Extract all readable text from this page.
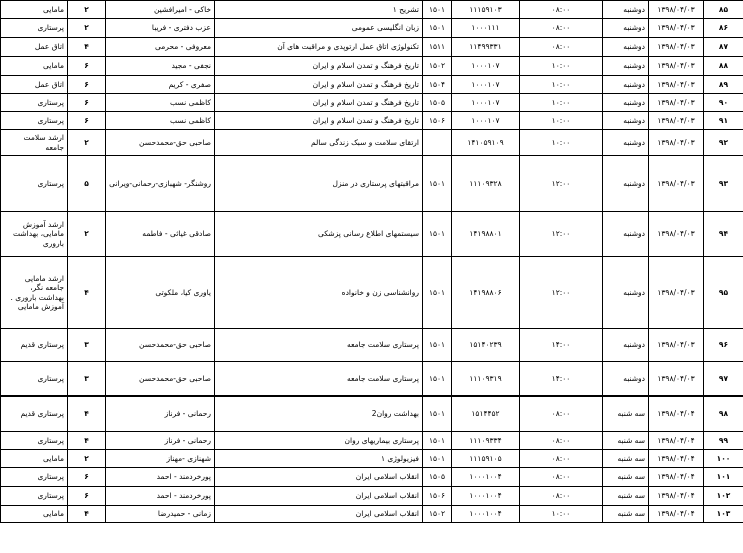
۸۵	۱۳۹۸/۰۴/۰۳	دوشنبه	۰۸:۰۰	۱۱۱۵۹۱۰۳	۱۵۰۱	تشریح ۱	خاکی - امیرافشین	۲	مامایی
۸۶	۱۳۹۸/۰۴/۰۳	دوشنبه	۰۸:۰۰	۱۰۰۰۱۱۱	۱۵۰۱	زبان انگلیسی عمومی	عزب دفتری - فریبا	۲	پرستاری
۸۷	۱۳۹۸/۰۴/۰۳	دوشنبه	۰۸:۰۰	۱۱۴۹۹۳۳۱	۱۵۱۱	تکنولوژی اتاق عمل ارتوپدی و مراقبت های آن	معروفی - محرمی	۴	اتاق عمل
۸۸	۱۳۹۸/۰۴/۰۳	دوشنبه	۱۰:۰۰	۱۰۰۰۱۰۷	۱۵۰۲	تاریخ فرهنگ و تمدن اسلام و ایران	نجفی - مجید	۶	مامایی
۸۹	۱۳۹۸/۰۴/۰۳	دوشنبه	۱۰:۰۰	۱۰۰۰۱۰۷	۱۵۰۴	تاریخ فرهنگ و تمدن اسلام و ایران	صفری - کریم	۶	اتاق عمل
۹۰	۱۳۹۸/۰۴/۰۳	دوشنبه	۱۰:۰۰	۱۰۰۰۱۰۷	۱۵۰۵	تاریخ فرهنگ و تمدن اسلام و ایران	کاظمی نسب	۶	پرستاری
۹۱	۱۳۹۸/۰۴/۰۳	دوشنبه	۱۰:۰۰	۱۰۰۰۱۰۷	۱۵۰۶	تاریخ فرهنگ و تمدن اسلام و ایران	کاظمی نسب	۶	پرستاری
۹۲	۱۳۹۸/۰۴/۰۳	دوشنبه	۱۰:۰۰	۱۴۱۰۵۹۱۰۹		ارتقای سلامت و سبک زندگی سالم	صاحبی حق-محمدحسن	۲	ارشد سلامت جامعه
۹۳	۱۳۹۸/۰۴/۰۳	دوشنبه	۱۲:۰۰	۱۱۱۰۹۳۲۸	۱۵۰۱	مراقبتهای پرستاری در منزل	روشنگر- شهبازی-رحمانی-ویرانی	۵	پرستاری
۹۴	۱۳۹۸/۰۴/۰۳	دوشنبه	۱۲:۰۰	۱۴۱۹۸۸۰۱	۱۵۰۱	سیستمهای اطلاع رسانی پزشکی	صادقی غیاثی - فاطمه	۲	ارشد آموزش مامایی، بهداشت باروری
۹۵	۱۳۹۸/۰۴/۰۳	دوشنبه	۱۲:۰۰	۱۴۱۹۸۸۰۶	۱۵۰۱	روانشناسی زن و خانواده	یاوری کیا، ملکوتی	۴	ارشد مامایی جامعه نگر، بهداشت باروری . آموزش مامایی
۹۶	۱۳۹۸/۰۴/۰۳	دوشنبه	۱۴:۰۰	۱۵۱۴۰۲۳۹	۱۵۰۱	پرستاری سلامت جامعه	صاحبی حق-محمدحسن	۳	پرستاری قدیم
۹۷	۱۳۹۸/۰۴/۰۳	دوشنبه	۱۴:۰۰	۱۱۱۰۹۳۱۹	۱۵۰۱	پرستاری سلامت جامعه	صاحبی حق-محمدحسن	۳	پرستاری
۹۸	۱۳۹۸/۰۴/۰۴	سه شنبه	۰۸:۰۰	۱۵۱۴۴۵۲	۱۵۰۱	بهداشت روان2	رحمانی - فرناز	۴	پرستاری قدیم
۹۹	۱۳۹۸/۰۴/۰۴	سه شنبه	۰۸:۰۰	۱۱۱۰۹۳۳۴	۱۵۰۱	پرستاری بیماریهای روان	رحمانی - فرناز	۴	پرستاری
۱۰۰	۱۳۹۸/۰۴/۰۴	سه شنبه	۰۸:۰۰	۱۱۱۵۹۱۰۵	۱۵۰۱	فیزیولوژی ۱	شهنازی -مهناز	۲	مامایی
۱۰۱	۱۳۹۸/۰۴/۰۴	سه شنبه	۰۸:۰۰	۱۰۰۰۱۰۰۴	۱۵۰۵	انقلاب اسلامی ایران	پورخردمند - احمد	۶	پرستاری
۱۰۲	۱۳۹۸/۰۴/۰۴	سه شنبه	۰۸:۰۰	۱۰۰۰۱۰۰۴	۱۵۰۶	انقلاب اسلامی ایران	پورخردمند - احمد	۶	پرستاری
۱۰۳	۱۳۹۸/۰۴/۰۴	سه شنبه	۱۰:۰۰	۱۰۰۰۱۰۰۴	۱۵۰۲	انقلاب اسلامی ایران	زمانی - حمیدرضا	۴	مامایی
